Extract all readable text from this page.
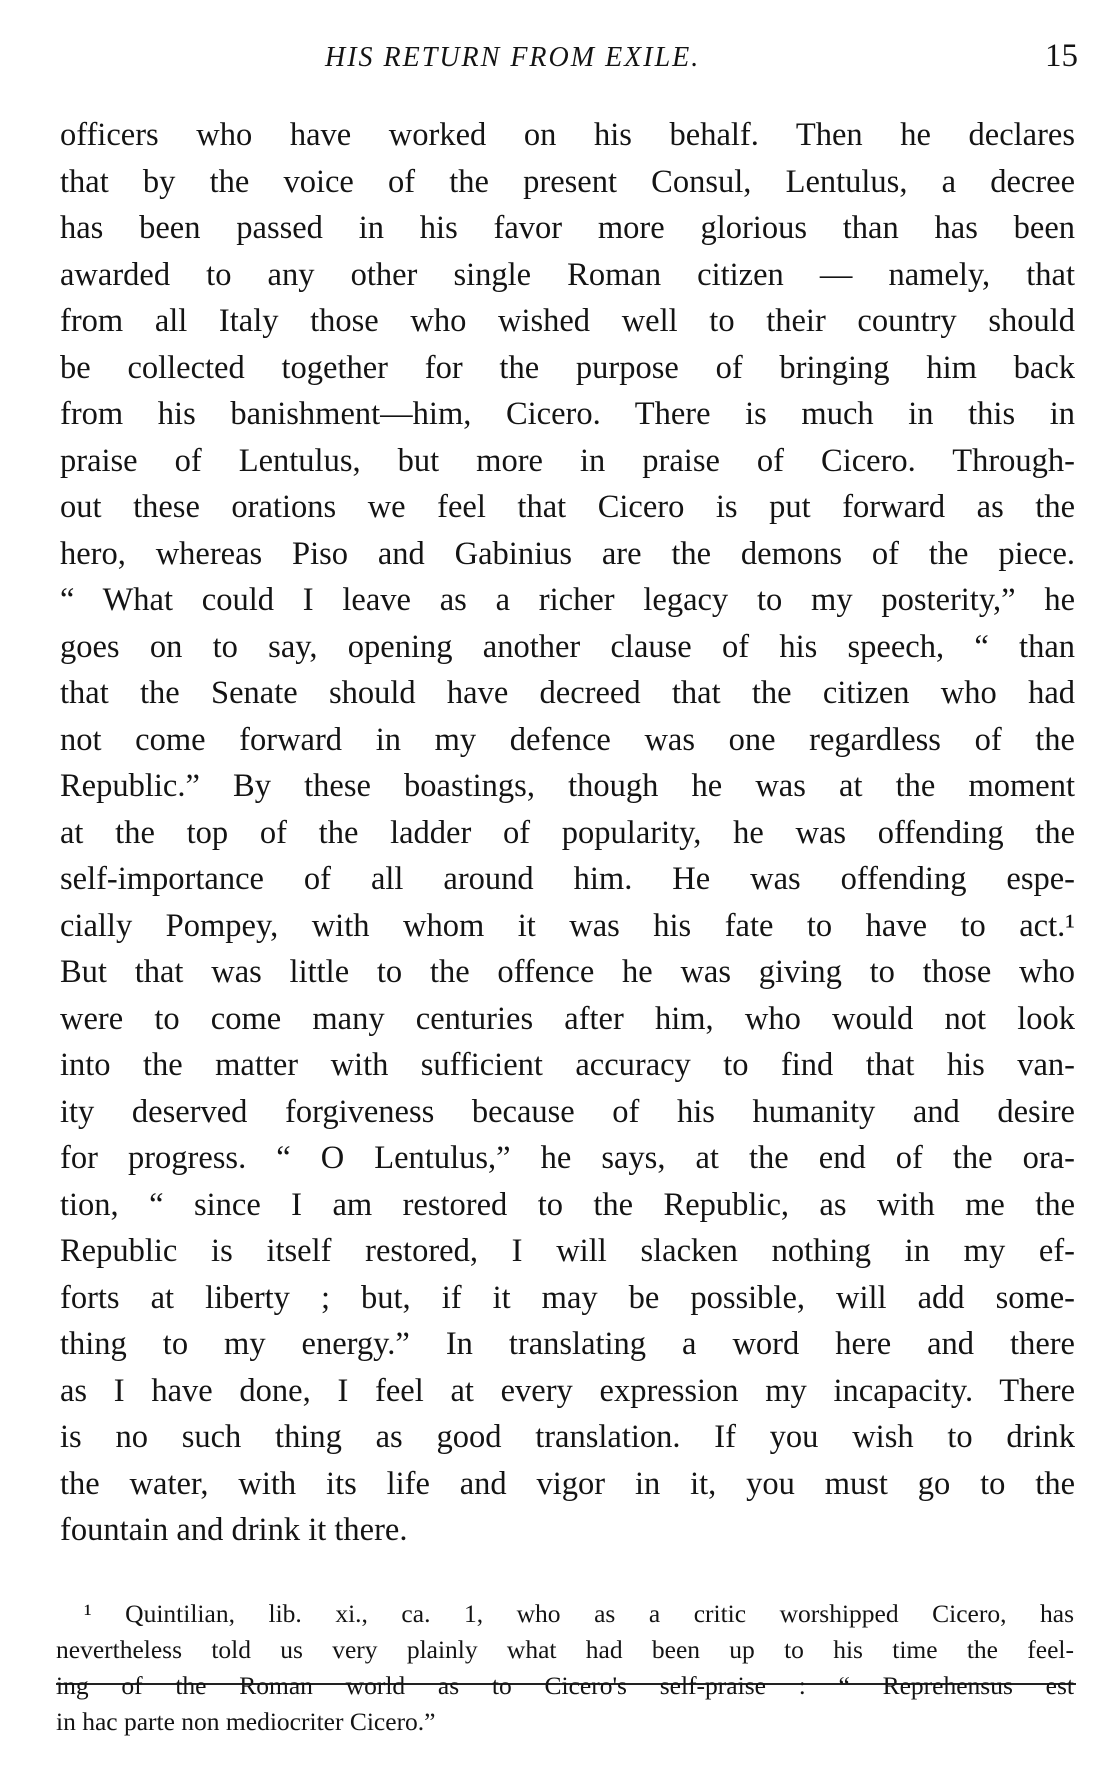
HIS RETURN FROM EXILE.	15
officers who have worked on his behalf. Then he declares
that by the voice of the present Consul, Lentulus, a decree
has been passed in his favor more glorious than has been
awarded to any other single Roman citizen — namely, that
from all Italy those who wished well to their country should
be collected together for the purpose of bringing him back
from his banishment—him, Cicero. There is much in this in
praise of Lentulus, but more in praise of Cicero. Through-
out these orations we feel that Cicero is put forward as the
hero, whereas Piso and Gabinius are the demons of the piece.
“ What could I leave as a richer legacy to my posterity,” he
goes on to say, opening another clause of his speech, “ than
that the Senate should have decreed that the citizen who had
not come forward in my defence was one regardless of the
Republic.” By these boastings, though he was at the moment
at the top of the ladder of popularity, he was offending the
self-importance of all around him. He was offending espe-
cially Pompey, with whom it was his fate to have to act.¹
But that was little to the offence he was giving to those who
were to come many centuries after him, who would not look
into the matter with sufficient accuracy to find that his van-
ity deserved forgiveness because of his humanity and desire
for progress. “ O Lentulus,” he says, at the end of the ora-
tion, “ since I am restored to the Republic, as with me the
Republic is itself restored, I will slacken nothing in my ef-
forts at liberty ; but, if it may be possible, will add some-
thing to my energy.” In translating a word here and there
as I have done, I feel at every expression my incapacity. There
is no such thing as good translation. If you wish to drink
the water, with its life and vigor in it, you must go to the
fountain and drink it there.
¹ Quintilian, lib. xi., ca. 1, who as a critic worshipped Cicero, has
nevertheless told us very plainly what had been up to his time the feel-
ing of the Roman world as to Cicero's self-praise : “ Reprehensus est
in hac parte non mediocriter Cicero.”
